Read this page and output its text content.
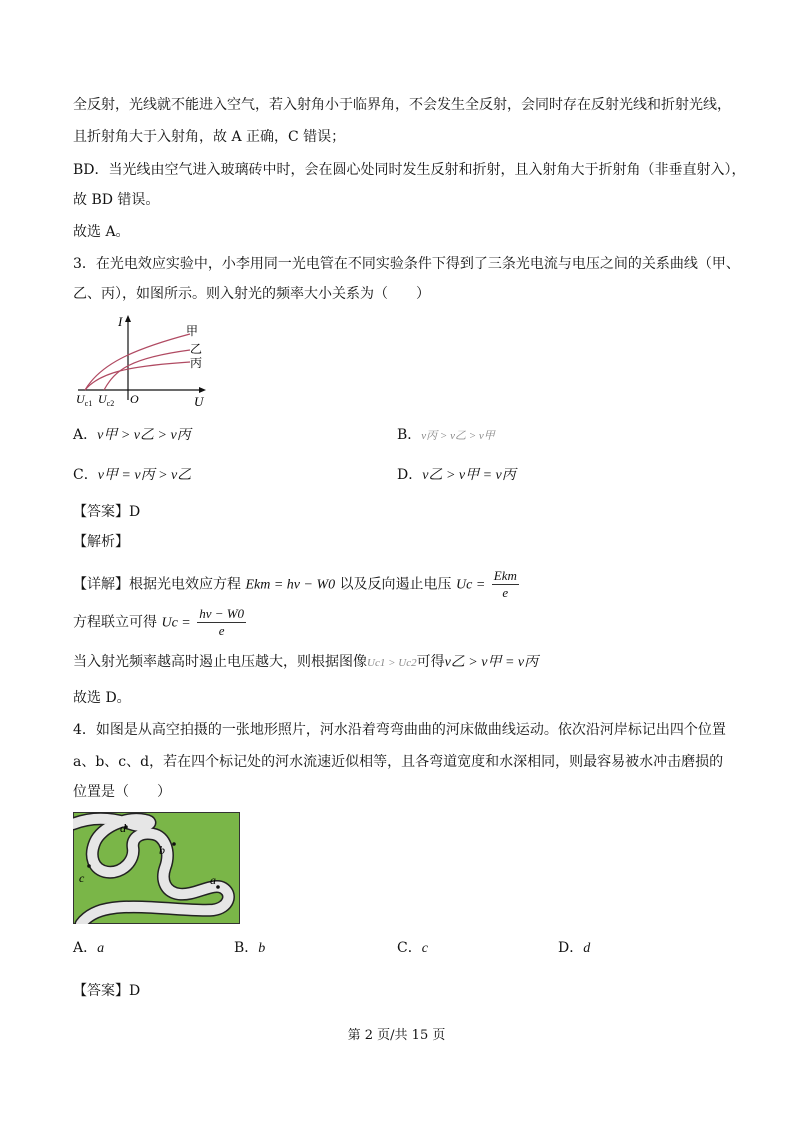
全反射，光线就不能进入空气，若入射角小于临界角，不会发生全反射，会同时存在反射光线和折射光线，
且折射角大于入射角，故 A 正确，C 错误；
BD．当光线由空气进入玻璃砖中时，会在圆心处同时发生反射和折射，且入射角大于折射角（非垂直射入），
故 BD 错误。
故选 A。
3．在光电效应实验中，小李用同一光电管在不同实验条件下得到了三条光电流与电压之间的关系曲线（甲、
乙、丙），如图所示。则入射光的频率大小关系为（　　）
I
U
O
$U_{c1}$ $U_{c2}$
甲
乙
丙
A．ν甲 > ν乙 > ν丙	B．ν丙 > ν乙 > ν甲
C．ν甲 = ν丙 > ν乙	D．ν乙 > ν甲 = ν丙
【答案】D
【解析】
【详解】根据光电效应方程 Ekm = hν − W0 以及反向遏止电压 $Uc = \frac{\text{Ekm}}{e}$
方程联立可得 $Uc = \frac{h\nu - W0}{e}$
当入射光频率越高时遏止电压越大，则根据图像Uc1 > Uc2可得ν乙 > ν甲 = ν丙
故选 D。
4．如图是从高空拍摄的一张地形照片，河水沿着弯弯曲曲的河床做曲线运动。依次沿河岸标记出四个位置
a、b、c、d，若在四个标记处的河水流速近似相等，且各弯道宽度和水深相同，则最容易被水冲击磨损的
位置是（　　）
d
b
c	a
A．a	B．b	C．c	D．d
【答案】D
第 2 页/共 15 页
